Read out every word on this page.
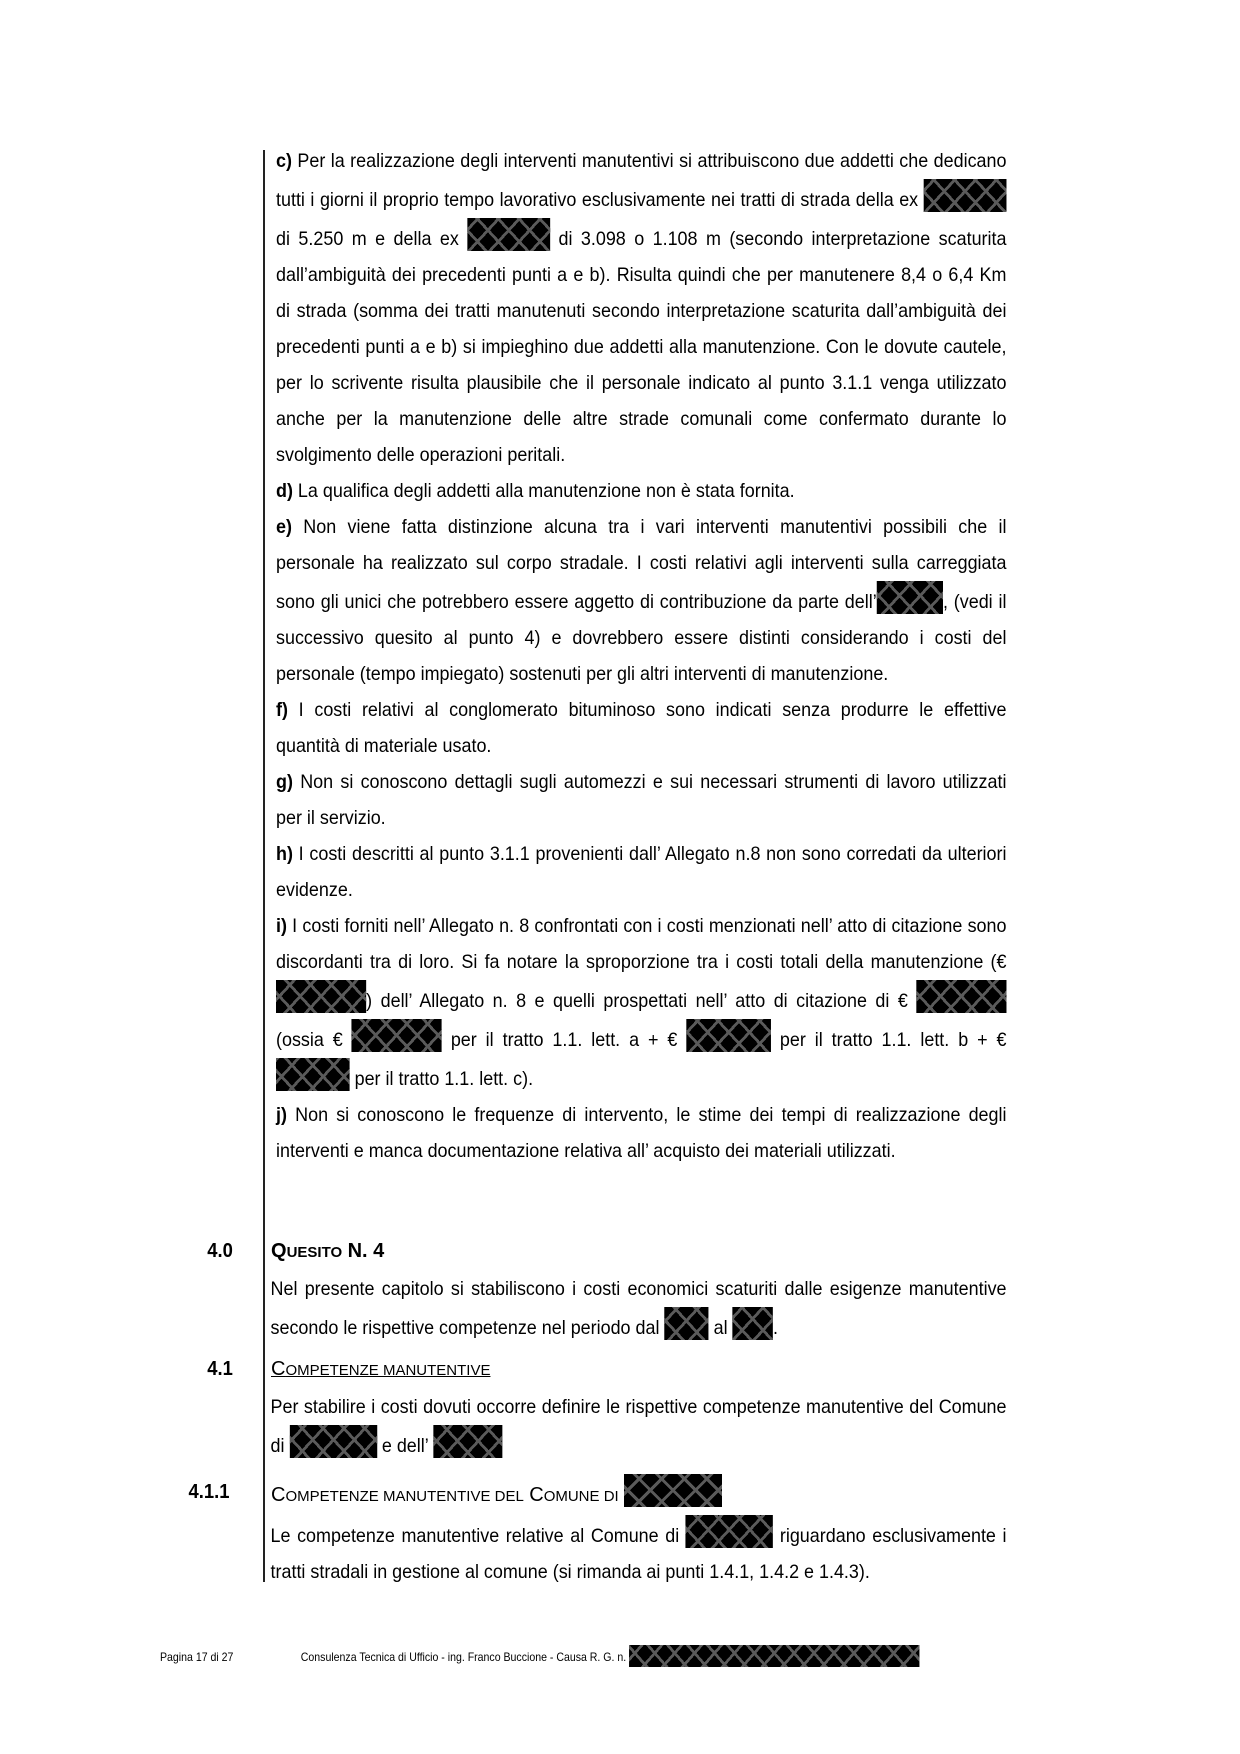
c) Per la realizzazione degli interventi manutentivi si attribuiscono due addetti che dedicano tutti i giorni il proprio tempo lavorativo esclusivamente nei tratti di strada della ex  di 5.250 m e della ex	di 3.098 o 1.108 m (secondo interpretazione scaturita dall’ambiguità dei precedenti punti a e b). Risulta quindi che per manutenere 8,4 o 6,4 Km di strada (somma dei tratti manutenuti secondo interpretazione scaturita dall’ambiguità dei precedenti punti a e b) si impieghino due addetti alla manutenzione. Con le dovute cautele, per lo scrivente risulta plausibile che il personale indicato al punto 3.1.1 venga utilizzato anche per la manutenzione delle altre strade comunali come confermato durante lo svolgimento delle operazioni peritali.

d) La qualifica degli addetti alla manutenzione non è stata fornita.

e) Non viene fatta distinzione alcuna tra i vari interventi manutentivi possibili che il personale ha realizzato sul corpo stradale. I costi relativi agli interventi sulla carreggiata sono gli unici che potrebbero essere aggetto di contribuzione da parte dell’	, (vedi il successivo quesito al punto 4) e dovrebbero essere distinti considerando i costi del personale (tempo impiegato) sostenuti per gli altri interventi di manutenzione.

f) I costi relativi al conglomerato bituminoso sono indicati senza produrre le effettive quantità di materiale usato.

g) Non si conoscono dettagli sugli automezzi e sui necessari strumenti di lavoro utilizzati per il servizio.

h) I costi descritti al punto 3.1.1 provenienti dall’ Allegato n.8 non sono corredati da ulteriori evidenze.

i) I costi forniti nell’ Allegato n. 8 confrontati con i costi menzionati nell’ atto di citazione sono discordanti tra di loro. Si fa notare la sproporzione tra i costi totali della manutenzione (€ ) dell’ Allegato n. 8 e quelli prospettati nell’ atto di citazione di €  (ossia €	per il tratto 1.1. lett. a + €	per il tratto 1.1. lett. b + €  per il tratto 1.1. lett. c).

j) Non si conoscono le frequenze di intervento, le stime dei tempi di realizzazione degli interventi e manca documentazione relativa all’ acquisto dei materiali utilizzati.

4.0	QUESITO N. 4
Nel presente capitolo si stabiliscono i costi economici scaturiti dalle esigenze manutentive secondo le rispettive competenze nel periodo dal	al .
4.1	COMPETENZE MANUTENTIVE
Per stabilire i costi dovuti occorre definire le rispettive competenze manutentive del Comune di	e dell’
4.1.1	COMPETENZE MANUTENTIVE DEL COMUNE DI
Le competenze manutentive relative al Comune di	riguardano esclusivamente i tratti stradali in gestione al comune (si rimanda ai punti 1.4.1, 1.4.2 e 1.4.3).
Pagina 17 di 27	Consulenza Tecnica di Ufficio - ing. Franco Buccione - Causa R. G. n.
